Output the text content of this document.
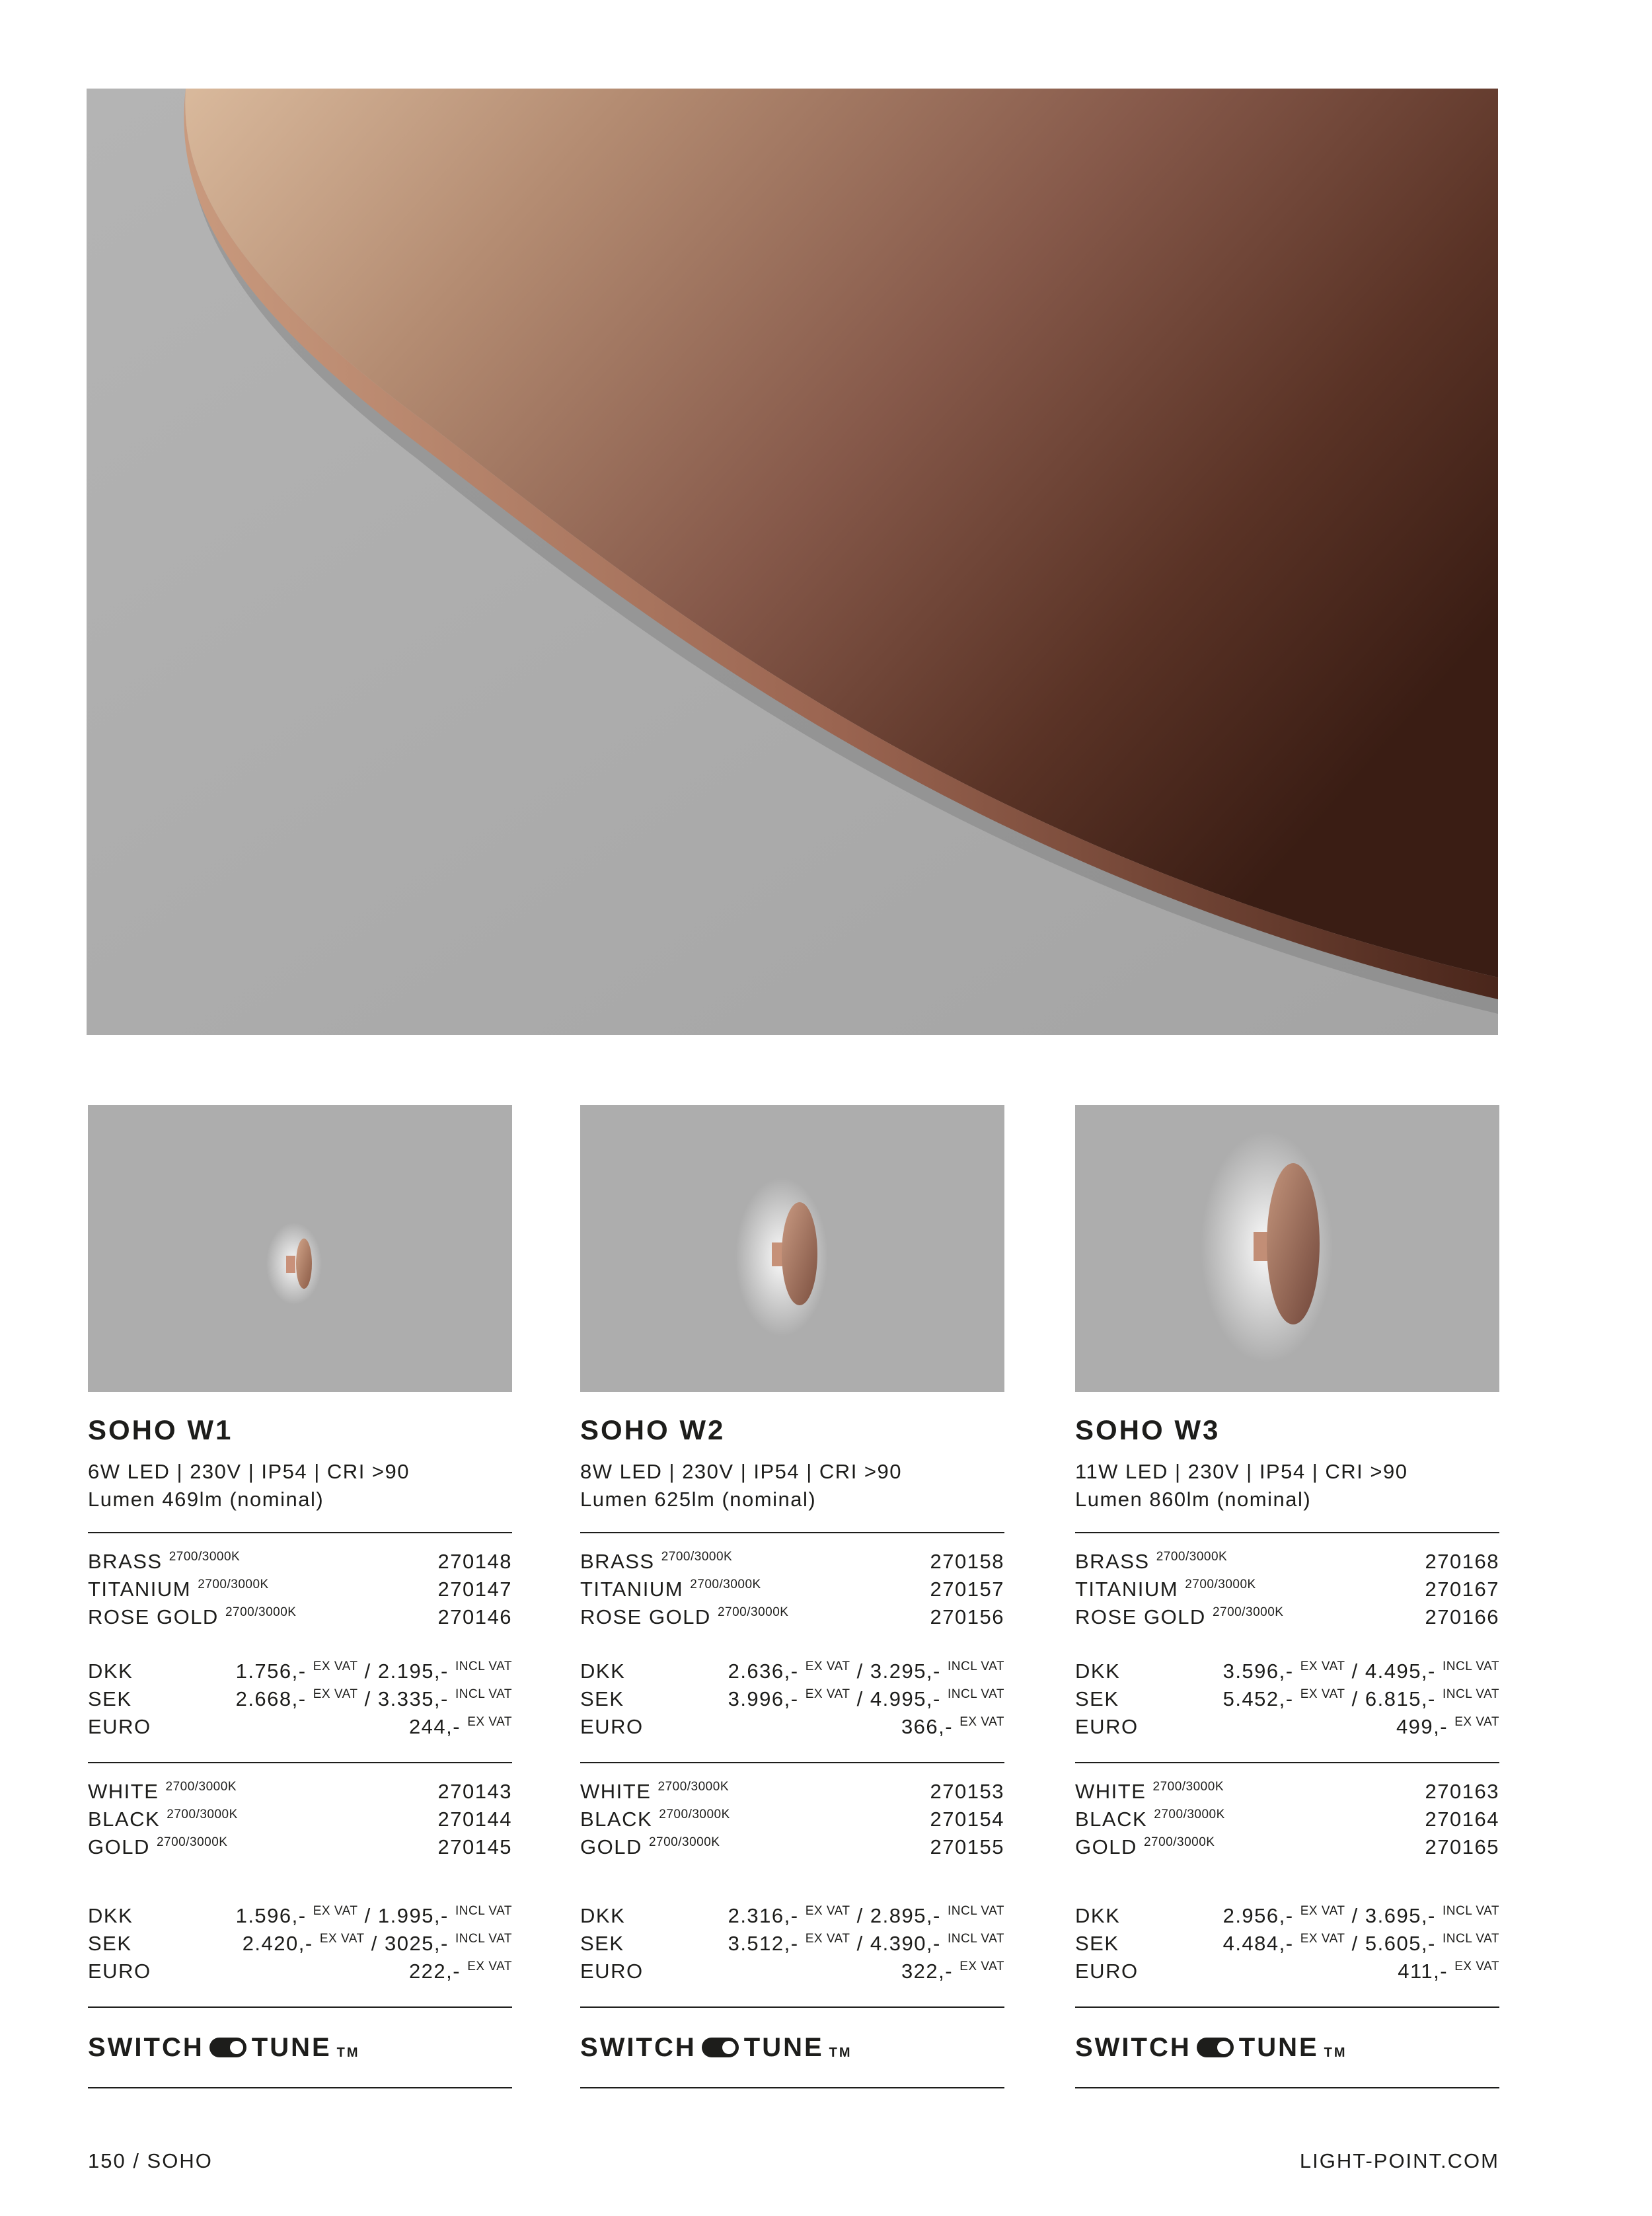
SOHO W1
6W LED | 230V | IP54 | CRI >90
Lumen 469lm (nominal)
BRASS $^{2700/3000K}$	270148
TITANIUM $^{2700/3000K}$	270147
ROSE GOLD $^{2700/3000K}$	270146
DKK	1.756,- $^{EX VAT}$ / 2.195,- $^{INCL VAT}$
SEK	2.668,- $^{EX VAT}$ / 3.335,- $^{INCL VAT}$
EURO	244,- $^{EX VAT}$
WHITE $^{2700/3000K}$	270143
BLACK $^{2700/3000K}$	270144
GOLD $^{2700/3000K}$	270145
DKK	1.596,- $^{EX VAT}$ / 1.995,- $^{INCL VAT}$
SEK	2.420,- $^{EX VAT}$ / 3025,- $^{INCL VAT}$
EURO	222,- $^{EX VAT}$
SWITCH TUNE TM
SOHO W2
8W LED | 230V | IP54 | CRI >90
Lumen 625lm (nominal)
BRASS $^{2700/3000K}$	270158
TITANIUM $^{2700/3000K}$	270157
ROSE GOLD $^{2700/3000K}$	270156
DKK	2.636,- $^{EX VAT}$ / 3.295,- $^{INCL VAT}$
SEK	3.996,- $^{EX VAT}$ / 4.995,- $^{INCL VAT}$
EURO	366,- $^{EX VAT}$
WHITE $^{2700/3000K}$	270153
BLACK $^{2700/3000K}$	270154
GOLD $^{2700/3000K}$	270155
DKK	2.316,- $^{EX VAT}$ / 2.895,- $^{INCL VAT}$
SEK	3.512,- $^{EX VAT}$ / 4.390,- $^{INCL VAT}$
EURO	322,- $^{EX VAT}$
SWITCH TUNE TM
SOHO W3
11W LED | 230V | IP54 | CRI >90
Lumen 860lm (nominal)
BRASS $^{2700/3000K}$	270168
TITANIUM $^{2700/3000K}$	270167
ROSE GOLD $^{2700/3000K}$	270166
DKK	3.596,- $^{EX VAT}$ / 4.495,- $^{INCL VAT}$
SEK	5.452,- $^{EX VAT}$ / 6.815,- $^{INCL VAT}$
EURO	499,- $^{EX VAT}$
WHITE $^{2700/3000K}$	270163
BLACK $^{2700/3000K}$	270164
GOLD $^{2700/3000K}$	270165
DKK	2.956,- $^{EX VAT}$ / 3.695,- $^{INCL VAT}$
SEK	4.484,- $^{EX VAT}$ / 5.605,- $^{INCL VAT}$
EURO	411,- $^{EX VAT}$
SWITCH TUNE TM
150 / SOHO	LIGHT-POINT.COM
